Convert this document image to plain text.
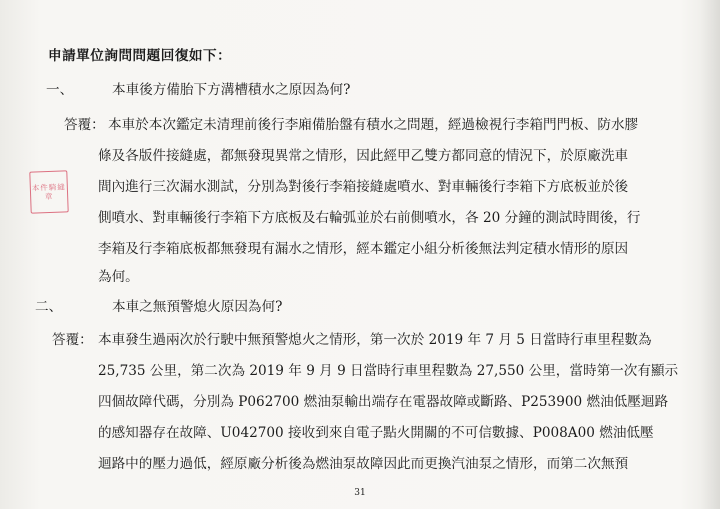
申請單位詢問問題回復如下：
一、	本車後方備胎下方溝槽積水之原因為何?
答覆： 本車於本次鑑定未清理前後行李廂備胎盤有積水之問題，經過檢視行李箱門門板、防水膠
條及各版件接縫處，都無發現異常之情形，因此經甲乙雙方都同意的情況下，於原廠洗車
間內進行三次漏水測試，分別為對後行李箱接縫處噴水、對車輛後行李箱下方底板並於後
側噴水、對車輛後行李箱下方底板及右輪弧並於右前側噴水，各 20 分鐘的測試時間後，行
李箱及行李箱底板都無發現有漏水之情形，經本鑑定小組分析後無法判定積水情形的原因
為何。
本件騎縫
章
二、	本車之無預警熄火原因為何?
答覆： 本車發生過兩次於行駛中無預警熄火之情形，第一次於 2019 年 7 月 5 日當時行車里程數為
25,735 公里，第二次為 2019 年 9 月 9 日當時行車里程數為 27,550 公里，當時第一次有顯示
四個故障代碼，分別為 P062700 燃油泵輸出端存在電器故障或斷路、P253900 燃油低壓迴路
的感知器存在故障、U042700 接收到來自電子點火開關的不可信數據、P008A00 燃油低壓
迴路中的壓力過低，經原廠分析後為燃油泵故障因此而更換汽油泵之情形，而第二次無預
31
